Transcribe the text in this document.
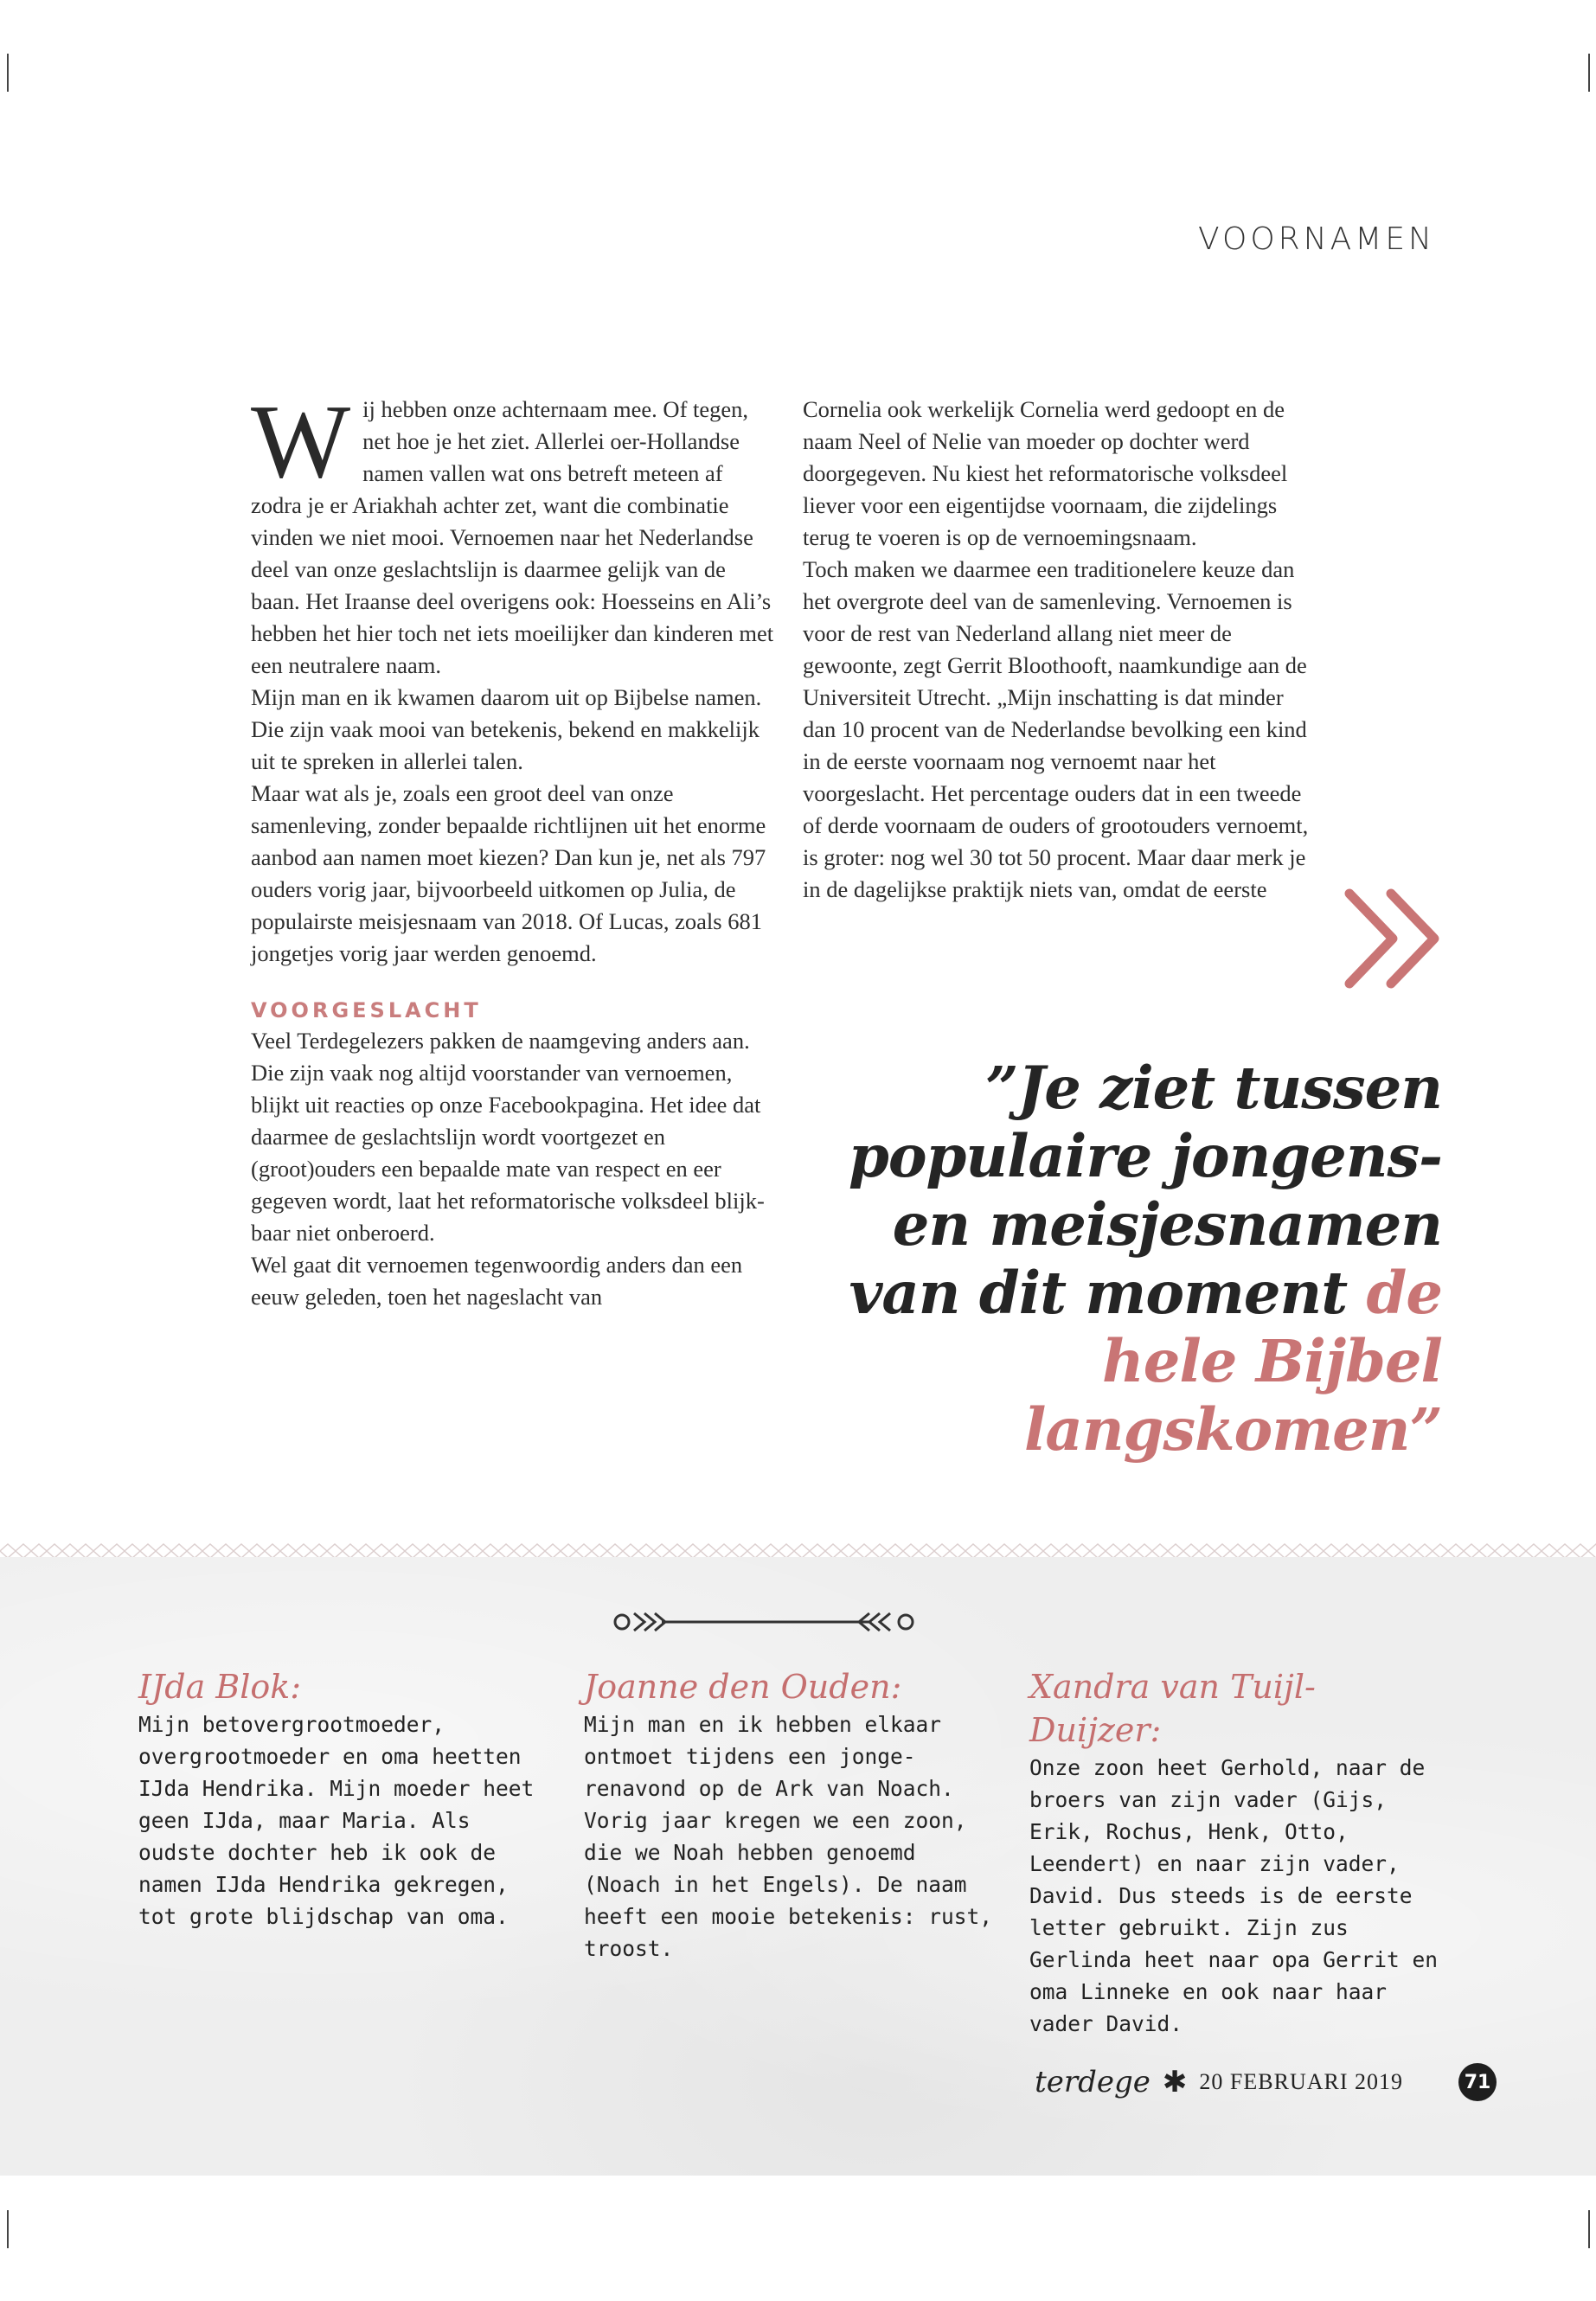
VOORNAMEN
W ij hebben onze achternaam mee. Of tegen, net hoe je het ziet. Allerlei oer-Hollandse namen vallen wat ons betreft meteen af zodra je er Ariakhah achter zet, want die combinatie vinden we niet mooi. Vernoemen naar het Nederlandse deel van onze geslachtslijn is daarmee gelijk van de baan. Het Iraanse deel overigens ook: Hoesseins en Ali’s hebben het hier toch net iets moeilijker dan kinderen met een neutralere naam.

Mijn man en ik kwamen daarom uit op Bijbelse namen. Die zijn vaak mooi van betekenis, bekend en makkelijk uit te spreken in allerlei talen.

Maar wat als je, zoals een groot deel van onze samenleving, zonder bepaalde richtlijnen uit het enorme aanbod aan namen moet kiezen? Dan kun je, net als 797 ouders vorig jaar, bijvoorbeeld uitkomen op Julia, de populairste meisjesnaam van 2018. Of Lucas, zoals 681 jongetjes vorig jaar werden genoemd.

VOORGESLACHT

Veel Terdegelezers pakken de naamgeving anders aan. Die zijn vaak nog altijd voorstander van vernoemen, blijkt uit reacties op onze Facebookpagina. Het idee dat daarmee de geslachtslijn wordt voortgezet en (groot)ouders een bepaalde mate van respect en eer gegeven wordt, laat het reformatorische volksdeel blijkbaar niet onberoerd.

Wel gaat dit vernoemen tegenwoordig anders dan een eeuw geleden, toen het nageslacht van

Cornelia ook werkelijk Cornelia werd gedoopt en de naam Neel of Nelie van moeder op dochter werd doorgegeven. Nu kiest het reformatorische volksdeel liever voor een eigentijdse voornaam, die zijdelings terug te voeren is op de vernoemingsnaam.

Toch maken we daarmee een traditionelere keuze dan het overgrote deel van de samenleving. Vernoemen is voor de rest van Nederland allang niet meer de gewoonte, zegt Gerrit Bloothooft, naamkundige aan de Universiteit Utrecht. „Mijn inschatting is dat minder dan 10 procent van de Nederlandse bevolking een kind in de eerste voornaam nog vernoemt naar het voorgeslacht. Het percentage ouders dat in een tweede of derde voornaam de ouders of grootouders vernoemt, is groter: nog wel 30 tot 50 procent. Maar daar merk je in de dagelijkse praktijk niets van, omdat de eerste

”Je ziet tussen populaire jongens- en meisjesnamen van dit moment de hele Bijbel langskomen”
IJda Blok:

Mijn betovergrootmoeder, overgrootmoeder en oma heetten IJda Hendrika. Mijn moeder heet geen IJda, maar Maria. Als oudste dochter heb ik ook de namen IJda Hendrika gekregen, tot grote blijdschap van oma.

Joanne den Ouden:

Mijn man en ik hebben elkaar ontmoet tijdens een jongerenavond op de Ark van Noach. Vorig jaar kregen we een zoon, die we Noah hebben genoemd (Noach in het Engels). De naam heeft een mooie betekenis: rust, troost.

Xandra van Tuijl-Duijzer:

Onze zoon heet Gerhold, naar de broers van zijn vader (Gijs, Erik, Rochus, Henk, Otto, Leendert) en naar zijn vader, David. Dus steeds is de eerste letter gebruikt. Zijn zus Gerlinda heet naar opa Gerrit en oma Linneke en ook naar haar vader David.

terdege ✱ 20 FEBRUARI 2019	71
